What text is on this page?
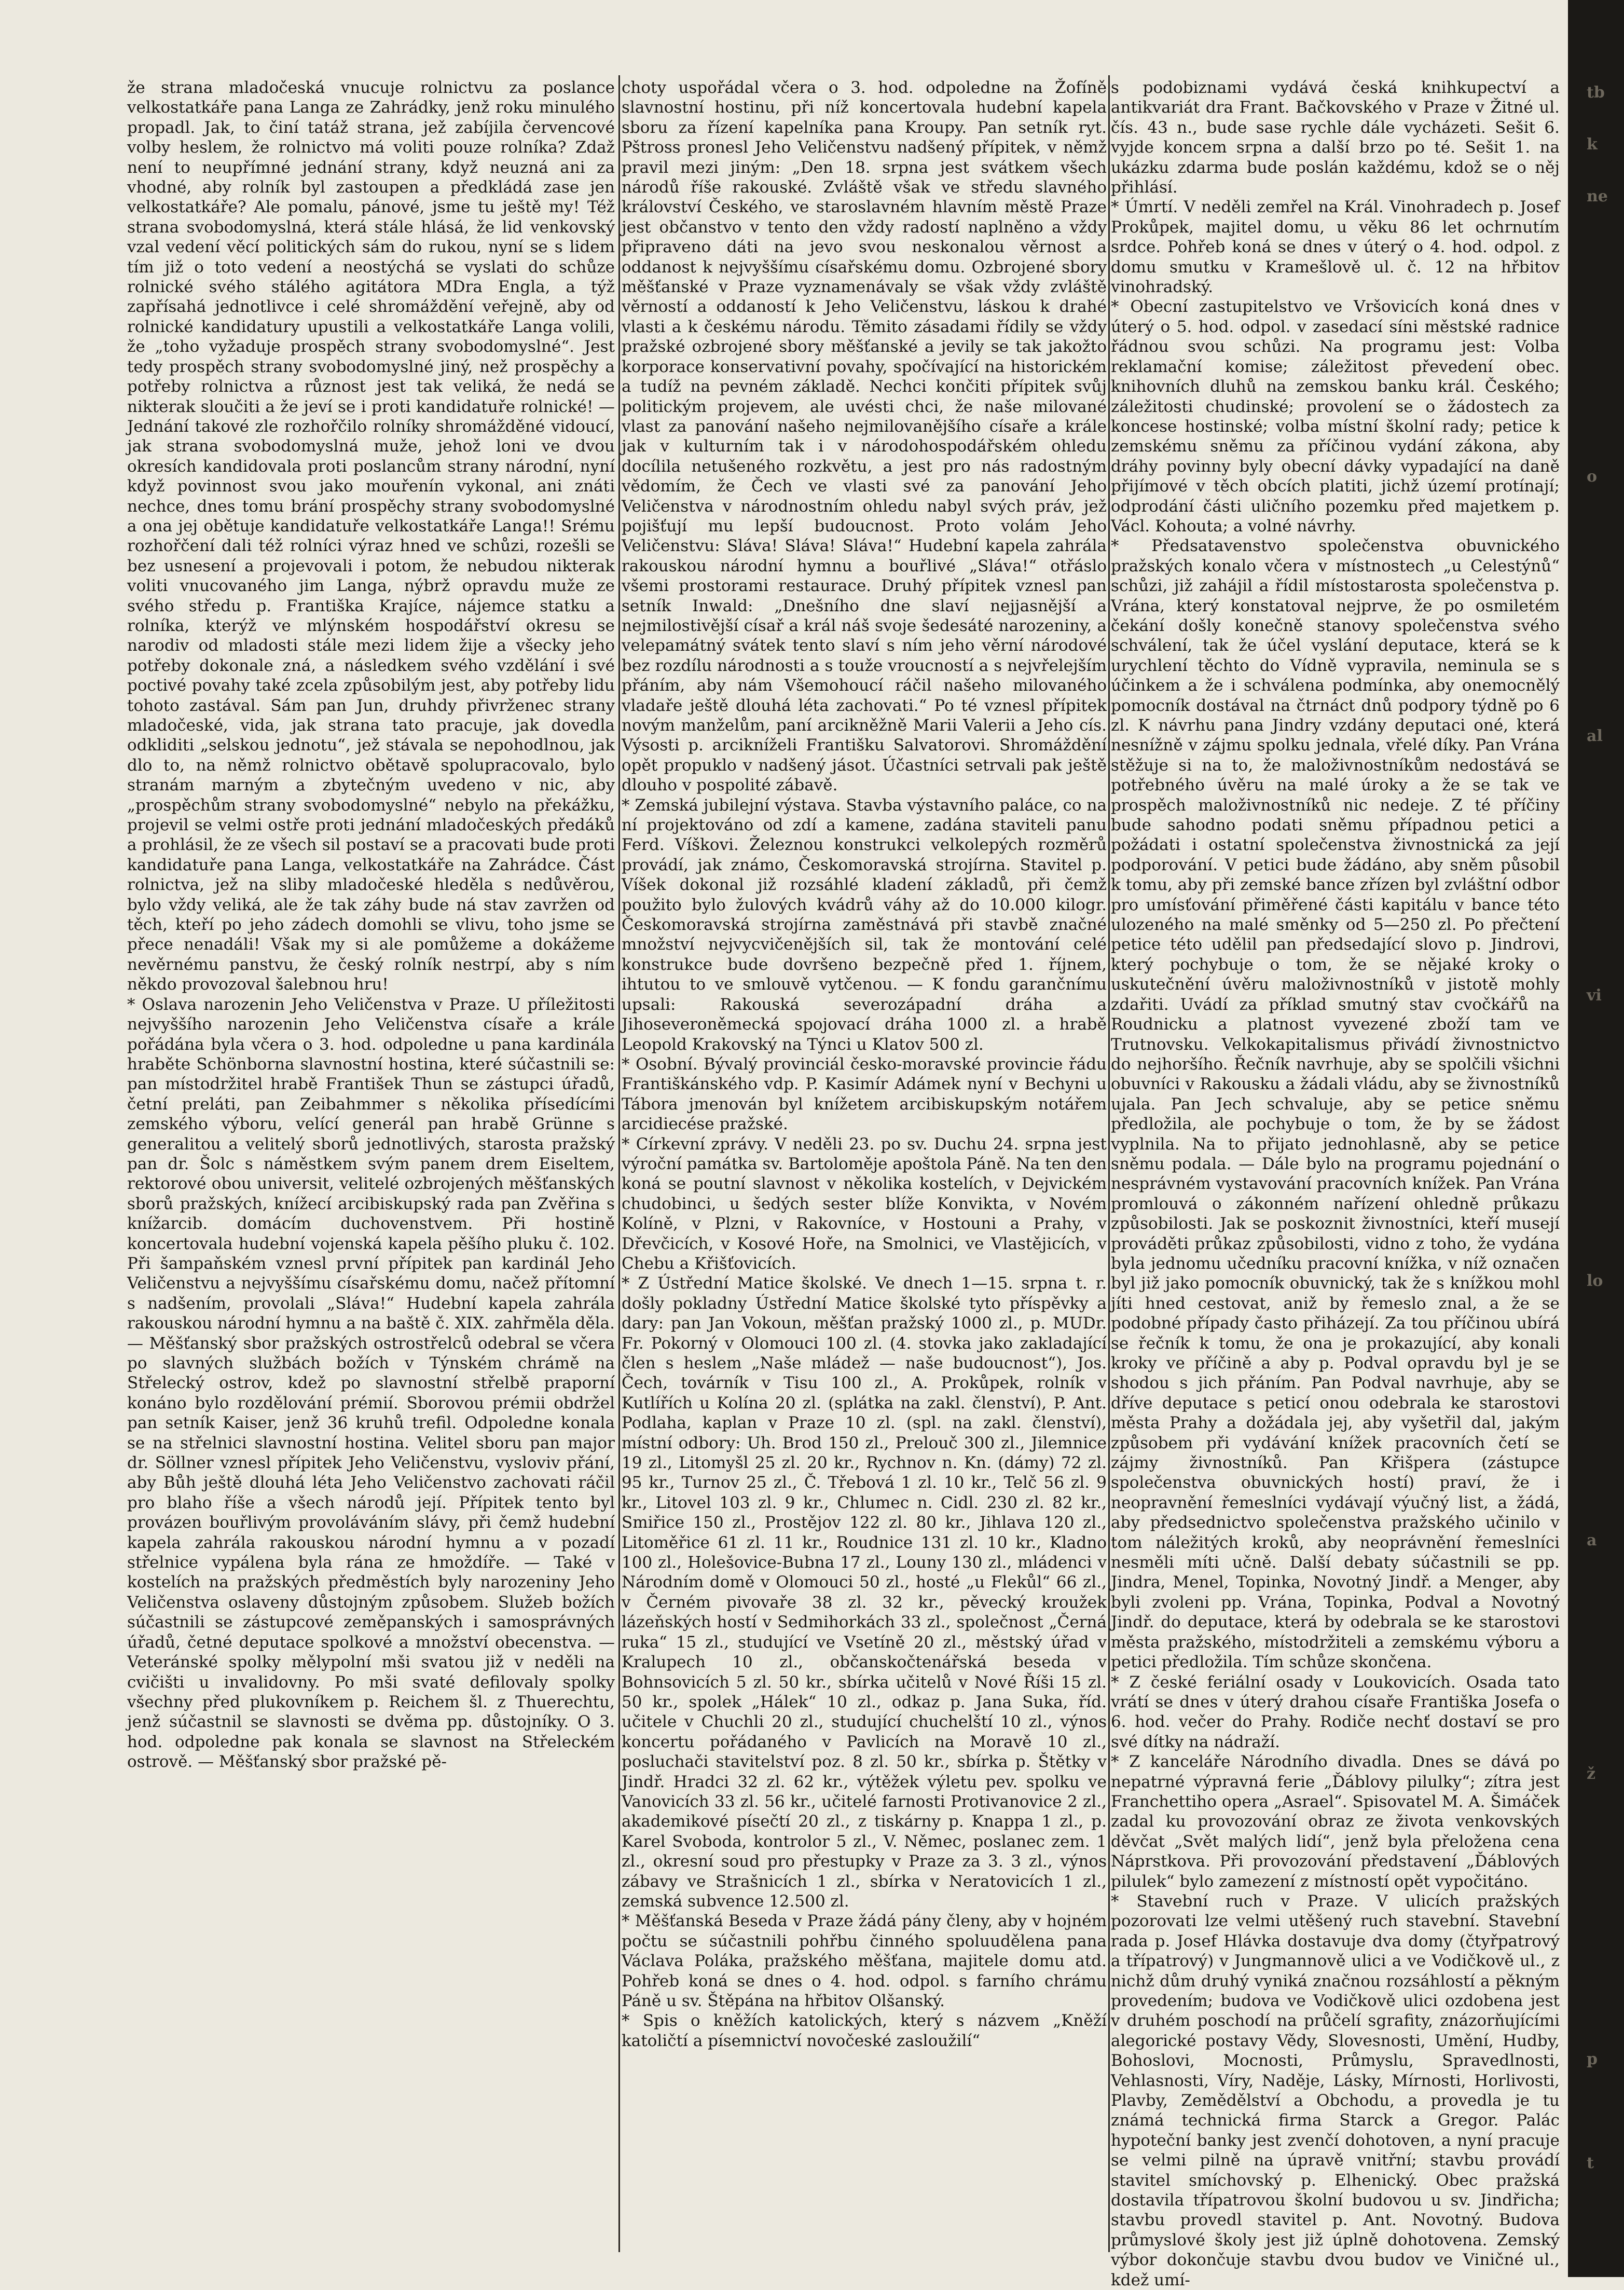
že strana mladočeská vnucuje rolnictvu za poslance velkostatkáře pana Langa ze Zahrádky, jenž roku minulého propadl. Jak, to činí tatáž strana, jež zabíjila červencové volby heslem, že rolnictvo má voliti pouze rolníka? Zdaž není to neupřímné jednání strany, když neuzná ani za vhodné, aby rolník byl zastoupen a předkládá zase jen velkostatkáře? Ale pomalu, pánové, jsme tu ještě my! Též strana svobodomyslná, která stále hlásá, že lid venkovský vzal vedení věcí politických sám do rukou, nyní se s lidem tím již o toto vedení a neostýchá se vyslati do schůze rolnické svého stálého agitátora MDra Engla, a týž zapřísahá jednotlivce i celé shromáždění veřejně, aby od rolnické kandidatury upustili a velkostatkáře Langa volili, že „toho vyžaduje prospěch strany svobodomyslné“. Jest tedy prospěch strany svobodomyslné jiný, než prospěchy a potřeby rolnictva a různost jest tak veliká, že nedá se nikterak sloučiti a že jeví se i proti kandidatuře rolnické! — Jednání takové zle rozhořčilo rolníky shromážděné vidoucí, jak strana svobodomyslná muže, jehož loni ve dvou okresích kandidovala proti poslancům strany národní, nyní když povinnost svou jako mouřenín vykonal, ani znáti nechce, dnes tomu brání prospěchy strany svobodomyslné a ona jej obětuje kandidatuře velkostatkáře Langa!! Srému rozhořčení dali též rolníci výraz hned ve schůzi, rozešli se bez usnesení a projevovali i potom, že nebudou nikterak voliti vnucovaného jim Langa, nýbrž opravdu muže ze svého středu p. Františka Krajíce, nájemce statku a rolníka, kterýž ve mlýnském hospodářství okresu se narodiv od mladosti stále mezi lidem žije a všecky jeho potřeby dokonale zná, a následkem svého vzdělání i své poctivé povahy také zcela způsobilým jest, aby potřeby lidu tohoto zastával. Sám pan Jun, druhdy přivrženec strany mladočeské, vida, jak strana tato pracuje, jak dovedla odkliditi „selskou jednotu“, jež stávala se nepohodlnou, jak dlo to, na němž rolnictvo obětavě spolupracovalo, bylo stranám marným a zbytečným uvedeno v nic, aby „prospěchům strany svobodomyslné“ nebylo na překážku, projevil se velmi ostře proti jednání mladočeských předáků a prohlásil, že ze všech sil postaví se a pracovati bude proti kandidatuře pana Langa, velkostatkáře na Zahrádce. Část rolnictva, jež na sliby mladočeské hleděla s nedůvěrou, bylo vždy veliká, ale že tak záhy bude ná stav zavržen od těch, kteří po jeho zádech domohli se vlivu, toho jsme se přece nenadáli! Však my si ale pomůžeme a dokážeme nevěrnému panstvu, že český rolník nestrpí, aby s ním někdo provozoval šalebnou hru!

* Oslava narozenin Jeho Veličenstva v Praze. U příležitosti nejvyššího narozenin Jeho Veličenstva císaře a krále pořádána byla včera o 3. hod. odpoledne u pana kardinála hraběte Schönborna slavnostní hostina, které súčastnili se: pan místodržitel hrabě František Thun se zástupci úřadů, četní preláti, pan Zeibahmmer s několika přísedícími zemského výboru, velící generál pan hrabě Grünne s generalitou a velitelý sborů jednotlivých, starosta pražský pan dr. Šolc s náměstkem svým panem drem Eiseltem, rektorové obou universit, velitelé ozbrojených měšťanských sborů pražských, knížecí arcibiskupský rada pan Zvěřina s knížarcib. domácím duchovenstvem. Při hostině koncertovala hudební vojenská kapela pěšího pluku č. 102. Při šampaňském vznesl první přípitek pan kardinál Jeho Veličenstvu a nejvyššímu císařskému domu, načež přítomní s nadšením, provolali „Sláva!“ Hudební kapela zahrála rakouskou národní hymnu a na baště č. XIX. zahřměla děla. — Měšťanský sbor pražských ostrostřelců odebral se včera po slavných službách božích v Týnském chrámě na Střelecký ostrov, kdež po slavnostní střelbě praporní konáno bylo rozdělování prémií. Sborovou prémii obdržel pan setník Kaiser, jenž 36 kruhů trefil. Odpoledne konala se na střelnici slavnostní hostina. Velitel sboru pan major dr. Söllner vznesl přípitek Jeho Veličenstvu, vysloviv přání, aby Bůh ještě dlouhá léta Jeho Veličenstvo zachovati ráčil pro blaho říše a všech národů její. Přípitek tento byl provázen bouřlivým provoláváním slávy, při čemž hudební kapela zahrála rakouskou národní hymnu a v pozadí střelnice vypálena byla rána ze hmoždíře. — Také v kostelích na pražských předměstích byly narozeniny Jeho Veličenstva oslaveny důstojným způsobem. Služeb božích súčastnili se zástupcové zeměpanských i samosprávných úřadů, četné deputace spolkové a množství obecenstva. — Veteránské spolky mělypolní mši svatou již v neděli na cvičišti u invalidovny. Po mši svaté defilovaly spolky všechny před plukovníkem p. Reichem šl. z Thuerechtu, jenž súčastnil se slavnosti se dvěma pp. důstojníky. O 3. hod. odpoledne pak konala se slavnost na Střeleckém ostrově. — Měšťanský sbor pražské pě-

choty uspořádal včera o 3. hod. odpoledne na Žofíně slavnostní hostinu, při níž koncertovala hudební kapela sboru za řízení kapelníka pana Kroupy. Pan setník ryt. Pštross pronesl Jeho Veličenstvu nadšený přípitek, v němž pravil mezi jiným: „Den 18. srpna jest svátkem všech národů říše rakouské. Zvláště však ve středu slavného království Českého, ve staroslavném hlavním městě Praze jest občanstvo v tento den vždy radostí naplněno a vždy připraveno dáti na jevo svou neskonalou věrnost a oddanost k nejvyššímu císařskému domu. Ozbrojené sbory měšťanské v Praze vyznamenávaly se však vždy zvláště věrností a oddaností k Jeho Veličenstvu, láskou k drahé vlasti a k českému národu. Těmito zásadami řídily se vždy pražské ozbrojené sbory měšťanské a jevily se tak jakožto korporace konservativní povahy, spočívající na historickém a tudíž na pevném základě. Nechci končiti přípitek svůj politickým projevem, ale uvésti chci, že naše milované vlast za panování našeho nejmilovanějšího císaře a krále jak v kulturním tak i v národohospodářském ohledu docílila netušeného rozkvětu, a jest pro nás radostným vědomím, že Čech ve vlasti své za panování Jeho Veličenstva v národnostním ohledu nabyl svých práv, jež pojišťují mu lepší budoucnost. Proto volám Jeho Veličenstvu: Sláva! Sláva! Sláva!“ Hudební kapela zahrála rakouskou národní hymnu a bouřlivé „Sláva!“ otřáslo všemi prostorami restaurace. Druhý přípitek vznesl pan setník Inwald: „Dnešního dne slaví nejjasnější a nejmilostivější císař a král náš svoje šedesáté narozeniny, a velepamátný svátek tento slaví s ním jeho věrní národové bez rozdílu národnosti a s touže vroucností a s nejvřelejším přáním, aby nám Všemohoucí ráčil našeho milovaného vladaře ještě dlouhá léta zachovati.“ Po té vznesl přípitek novým manželům, paní arcikněžně Marii Valerii a Jeho cís. Výsosti p. arcikníželi Františku Salvatorovi. Shromáždění opět propuklo v nadšený jásot. Účastníci setrvali pak ještě dlouho v pospolité zábavě.

* Zemská jubilejní výstava. Stavba výstavního paláce, co na ní projektováno od zdí a kamene, zadána staviteli panu Ferd. Víškovi. Železnou konstrukci velkolepých rozměrů provádí, jak známo, Českomoravská strojírna. Stavitel p. Víšek dokonal již rozsáhlé kladení základů, při čemž použito bylo žulových kvádrů váhy až do 10.000 kilogr. Českomoravská strojírna zaměstnává při stavbě značné množství nejvycvičenějších sil, tak že montování celé konstrukce bude dovršeno bezpečně před 1. říjnem, ihtutou to ve smlouvě vytčenou. — K fondu garančnímu upsali: Rakouská severozápadní dráha a Jihoseveroněmecká spojovací dráha 1000 zl. a hrabě Leopold Krakovský na Týnci u Klatov 500 zl.

* Osobní. Bývalý provinciál česko-moravské provincie řádu Františkánského vdp. P. Kasimír Adámek nyní v Bechyni u Tábora jmenován byl knížetem arcibiskupským notářem arcidiecése pražské.

* Církevní zprávy. V neděli 23. po sv. Duchu 24. srpna jest výroční památka sv. Bartoloměje apoštola Páně. Na ten den koná se poutní slavnost v několika kostelích, v Dejvickém chudobinci, u šedých sester blíže Konvikta, v Novém Kolíně, v Plzni, v Rakovníce, v Hostouni a Prahy, v Dřevčicích, v Kosové Hoře, na Smolnici, ve Vlastějicích, v Chebu a Křišťovicích.

* Z Ústřední Matice školské. Ve dnech 1—15. srpna t. r. došly pokladny Ústřední Matice školské tyto příspěvky a dary: pan Jan Vokoun, měšťan pražský 1000 zl., p. MUDr. Fr. Pokorný v Olomouci 100 zl. (4. stovka jako zakladající člen s heslem „Naše mládež — naše budoucnost“), Jos. Čech, továrník v Tisu 100 zl., A. Prokůpek, rolník v Kutlířích u Kolína 20 zl. (splátka na zakl. členství), P. Ant. Podlaha, kaplan v Praze 10 zl. (spl. na zakl. členství), místní odbory: Uh. Brod 150 zl., Prelouč 300 zl., Jilemnice 19 zl., Litomyšl 25 zl. 20 kr., Rychnov n. Kn. (dámy) 72 zl. 95 kr., Turnov 25 zl., Č. Třebová 1 zl. 10 kr., Telč 56 zl. 9 kr., Litovel 103 zl. 9 kr., Chlumec n. Cidl. 230 zl. 82 kr., Smiřice 150 zl., Prostějov 122 zl. 80 kr., Jihlava 120 zl., Litoměřice 61 zl. 11 kr., Roudnice 131 zl. 10 kr., Kladno 100 zl., Holešovice-Bubna 17 zl., Louny 130 zl., mládenci v Národním domě v Olomouci 50 zl., hosté „u Flekůl“ 66 zl., v Černém pivovaře 38 zl. 32 kr., pěvecký kroužek lázeňských hostí v Sedmihorkách 33 zl., společnost „Černá ruka“ 15 zl., studující ve Vsetíně 20 zl., městský úřad v Kralupech 10 zl., občanskočtenářská beseda v Bohnsovicích 5 zl. 50 kr., sbírka učitelů v Nové Říši 15 zl. 50 kr., spolek „Hálek“ 10 zl., odkaz p. Jana Suka, říd. učitele v Chuchli 20 zl., studující chuchelští 10 zl., výnos koncertu pořádaného v Pavlicích na Moravě 10 zl., posluchači stavitelství poz. 8 zl. 50 kr., sbírka p. Štětky v Jindř. Hradci 32 zl. 62 kr., výtěžek výletu pev. spolku ve Vanovicích 33 zl. 56 kr., učitelé farnosti Protivanovice 2 zl., akademikové písečtí 20 zl., z tiskárny p. Knappa 1 zl., p. Karel Svoboda, kontrolor 5 zl., V. Němec, poslanec zem. 1 zl., okresní soud pro přestupky v Praze za 3. 3 zl., výnos zábavy ve Strašnicích 1 zl., sbírka v Neratovicích 1 zl., zemská subvence 12.500 zl.

* Měšťanská Beseda v Praze žádá pány členy, aby v hojném počtu se súčastnili pohřbu činného spoluudělena pana Václava Poláka, pražského měšťana, majitele domu atd. Pohřeb koná se dnes o 4. hod. odpol. s farního chrámu Páně u sv. Štěpána na hřbitov Olšanský.

* Spis o kněžích katolických, který s názvem „Kněží katoličtí a písemnictví novočeské zasloužilí“

s podobiznami vydává česká knihkupectví a antikvariát dra Frant. Bačkovského v Praze v Žitné ul. čís. 43 n., bude sase rychle dále vycházeti. Sešit 6. vyjde koncem srpna a další brzo po té. Sešit 1. na ukázku zdarma bude poslán každému, kdož se o něj přihlásí.

* Úmrtí. V neděli zemřel na Král. Vinohradech p. Josef Prokůpek, majitel domu, u věku 86 let ochrnutím srdce. Pohřeb koná se dnes v úterý o 4. hod. odpol. z domu smutku v Kramešlově ul. č. 12 na hřbitov vinohradský.

* Obecní zastupitelstvo ve Vršovicích koná dnes v úterý o 5. hod. odpol. v zasedací síni městské radnice řádnou svou schůzi. Na programu jest: Volba reklamační komise; záležitost převedení obec. knihovních dluhů na zemskou banku král. Českého; záležitosti chudinské; provolení se o žádostech za koncese hostinské; volba místní školní rady; petice k zemskému sněmu za příčinou vydání zákona, aby dráhy povinny byly obecní dávky vypadající na daně přijímové v těch obcích platiti, jichž území protínají; odprodání části uličního pozemku před majetkem p. Václ. Kohouta; a volné návrhy.

* Předsatavenstvo společenstva obuvnického pražských konalo včera v místnostech „u Celestýnů“ schůzi, již zahájil a řídil místostarosta společenstva p. Vrána, který konstatoval nejprve, že po osmiletém čekání došly konečně stanovy společenstva svého schválení, tak že účel vyslání deputace, která se k urychlení těchto do Vídně vypravila, neminula se s účinkem a že i schválena podmínka, aby onemocnělý pomocník dostával na čtrnáct dnů podpory týdně po 6 zl. K návrhu pana Jindry vzdány deputaci oné, která nesnížně v zájmu spolku jednala, vřelé díky. Pan Vrána stěžuje si na to, že maloživnostníkům nedostává se potřebného úvěru na malé úroky a že se tak ve prospěch maloživnostníků nic nedeje. Z té příčiny bude sahodno podati sněmu případnou petici a požádati i ostatní společenstva živnostnická za její podporování. V petici bude žádáno, aby sněm působil k tomu, aby při zemské bance zřízen byl zvláštní odbor pro umísťování přiměřené části kapitálu v bance této ulozeného na malé směnky od 5—250 zl. Po přečtení petice této udělil pan předsedající slovo p. Jindrovi, který pochybuje o tom, že se nějaké kroky o uskutečnění úvěru maloživnostníků v jistotě mohly zdařiti. Uvádí za příklad smutný stav cvočkářů na Roudnicku a platnost vyvezené zboží tam ve Trutnovsku. Velkokapitalismus přivádí živnostnictvo do nejhoršího. Řečník navrhuje, aby se spolčili všichni obuvníci v Rakousku a žádali vládu, aby se živnostníků ujala. Pan Jech schvaluje, aby se petice sněmu předložila, ale pochybuje o tom, že by se žádost vyplnila. Na to přijato jednohlasně, aby se petice sněmu podala. — Dále bylo na programu pojednání o nesprávném vystavování pracovních knížek. Pan Vrána promlouvá o zákonném nařízení ohledně průkazu způsobilosti. Jak se poskoznit živnostníci, kteří musejí prováděti průkaz způsobilosti, vidno z toho, že vydána byla jednomu učedníku pracovní knížka, v níž označen byl již jako pomocník obuvnický, tak že s knížkou mohl jíti hned cestovat, aniž by řemeslo znal, a že se podobné případy často přiházejí. Za tou příčinou ubírá se řečník k tomu, že ona je prokazující, aby konali kroky ve příčině a aby p. Podval opravdu byl je se shodou s jich přáním. Pan Podval navrhuje, aby se dříve deputace s peticí onou odebrala ke starostovi města Prahy a dožádala jej, aby vyšetřil dal, jakým způsobem při vydávání knížek pracovních četí se zájmy živnostníků. Pan Křišpera (zástupce společenstva obuvnických hostí) praví, že i neopravnění řemeslníci vydávají výučný list, a žádá, aby předsednictvo společenstva pražského učinilo v tom náležitých kroků, aby neoprávnění řemeslníci nesměli míti učně. Další debaty súčastnili se pp. Jindra, Menel, Topinka, Novotný Jindř. a Menger, aby byli zvoleni pp. Vrána, Topinka, Podval a Novotný Jindř. do deputace, která by odebrala se ke starostovi města pražského, místodržiteli a zemskému výboru a petici předložila. Tím schůze skončena.

* Z české feriální osady v Loukovicích. Osada tato vrátí se dnes v úterý drahou císaře Františka Josefa o 6. hod. večer do Prahy. Rodiče nechť dostaví se pro své dítky na nádraží.

* Z kanceláře Národního divadla. Dnes se dává po nepatrné výpravná ferie „Ďáblovy pilulky“; zítra jest Franchettiho opera „Asrael“. Spisovatel M. A. Šimáček zadal ku provozování obraz ze života venkovských děvčat „Svět malých lidí“, jenž byla přeložena cena Náprstkova. Při provozování představení „Ďáblových pilulek“ bylo zamezení z místností opět vypočitáno.

* Stavební ruch v Praze. V ulicích pražských pozorovati lze velmi utěšený ruch stavební. Stavební rada p. Josef Hlávka dostavuje dva domy (čtyřpatrový a třípatrový) v Jungmannově ulici a ve Vodičkově ul., z nichž dům druhý vyniká značnou rozsáhlostí a pěkným provedením; budova ve Vodičkově ulici ozdobena jest v druhém poschodí na průčelí sgrafity, znázorňujícími alegorické postavy Vědy, Slovesnosti, Umění, Hudby, Bohoslovi, Mocnosti, Průmyslu, Spravedlnosti, Vehlasnosti, Víry, Naděje, Lásky, Mírnosti, Horlivosti, Plavby, Zemědělství a Obchodu, a provedla je tu známá technická firma Starck a Gregor. Palác hypoteční banky jest zvenčí dohotoven, a nyní pracuje se velmi pilně na úpravě vnitřní; stavbu provádí stavitel smíchovský p. Elhenický. Obec pražská dostavila třípatrovou školní budovou u sv. Jindřicha; stavbu provedl stavitel p. Ant. Novotný. Budova průmyslové školy jest již úplně dohotovena. Zemský výbor dokončuje stavbu dvou budov ve Viničné ul., kdež umí-

tb
k
ne
o
al
vi
lo
a
ž
p
t
